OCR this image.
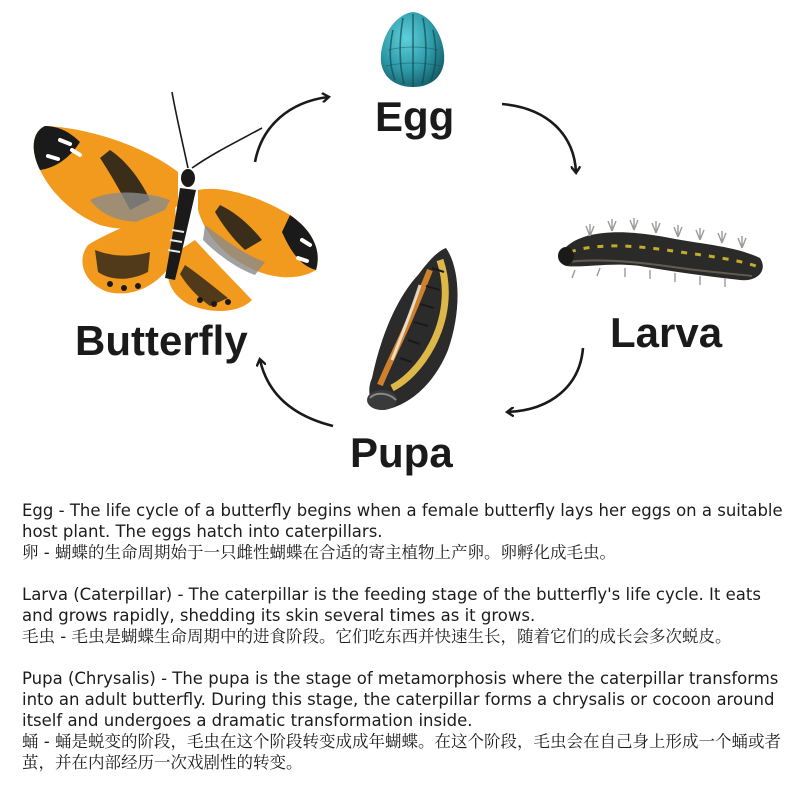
Egg
Larva
Pupa
Butterfly

Egg - The life cycle of a butterfly begins when a female butterfly lays her eggs on a suitable host plant. The eggs hatch into caterpillars.

卵 - 蝴蝶的生命周期始于一只雌性蝴蝶在合适的寄主植物上产卵。卵孵化成毛虫。

Larva (Caterpillar) - The caterpillar is the feeding stage of the butterfly's life cycle. It eats and grows rapidly, shedding its skin several times as it grows.

毛虫 - 毛虫是蝴蝶生命周期中的进食阶段。它们吃东西并快速生长，随着它们的成长会多次蜕皮。

Pupa (Chrysalis) - The pupa is the stage of metamorphosis where the caterpillar transforms into an adult butterfly. During this stage, the caterpillar forms a chrysalis or cocoon around itself and undergoes a dramatic transformation inside.

蛹 - 蛹是蜕变的阶段，毛虫在这个阶段转变成成年蝴蝶。在这个阶段，毛虫会在自己身上形成一个蛹或者茧，并在内部经历一次戏剧性的转变。
